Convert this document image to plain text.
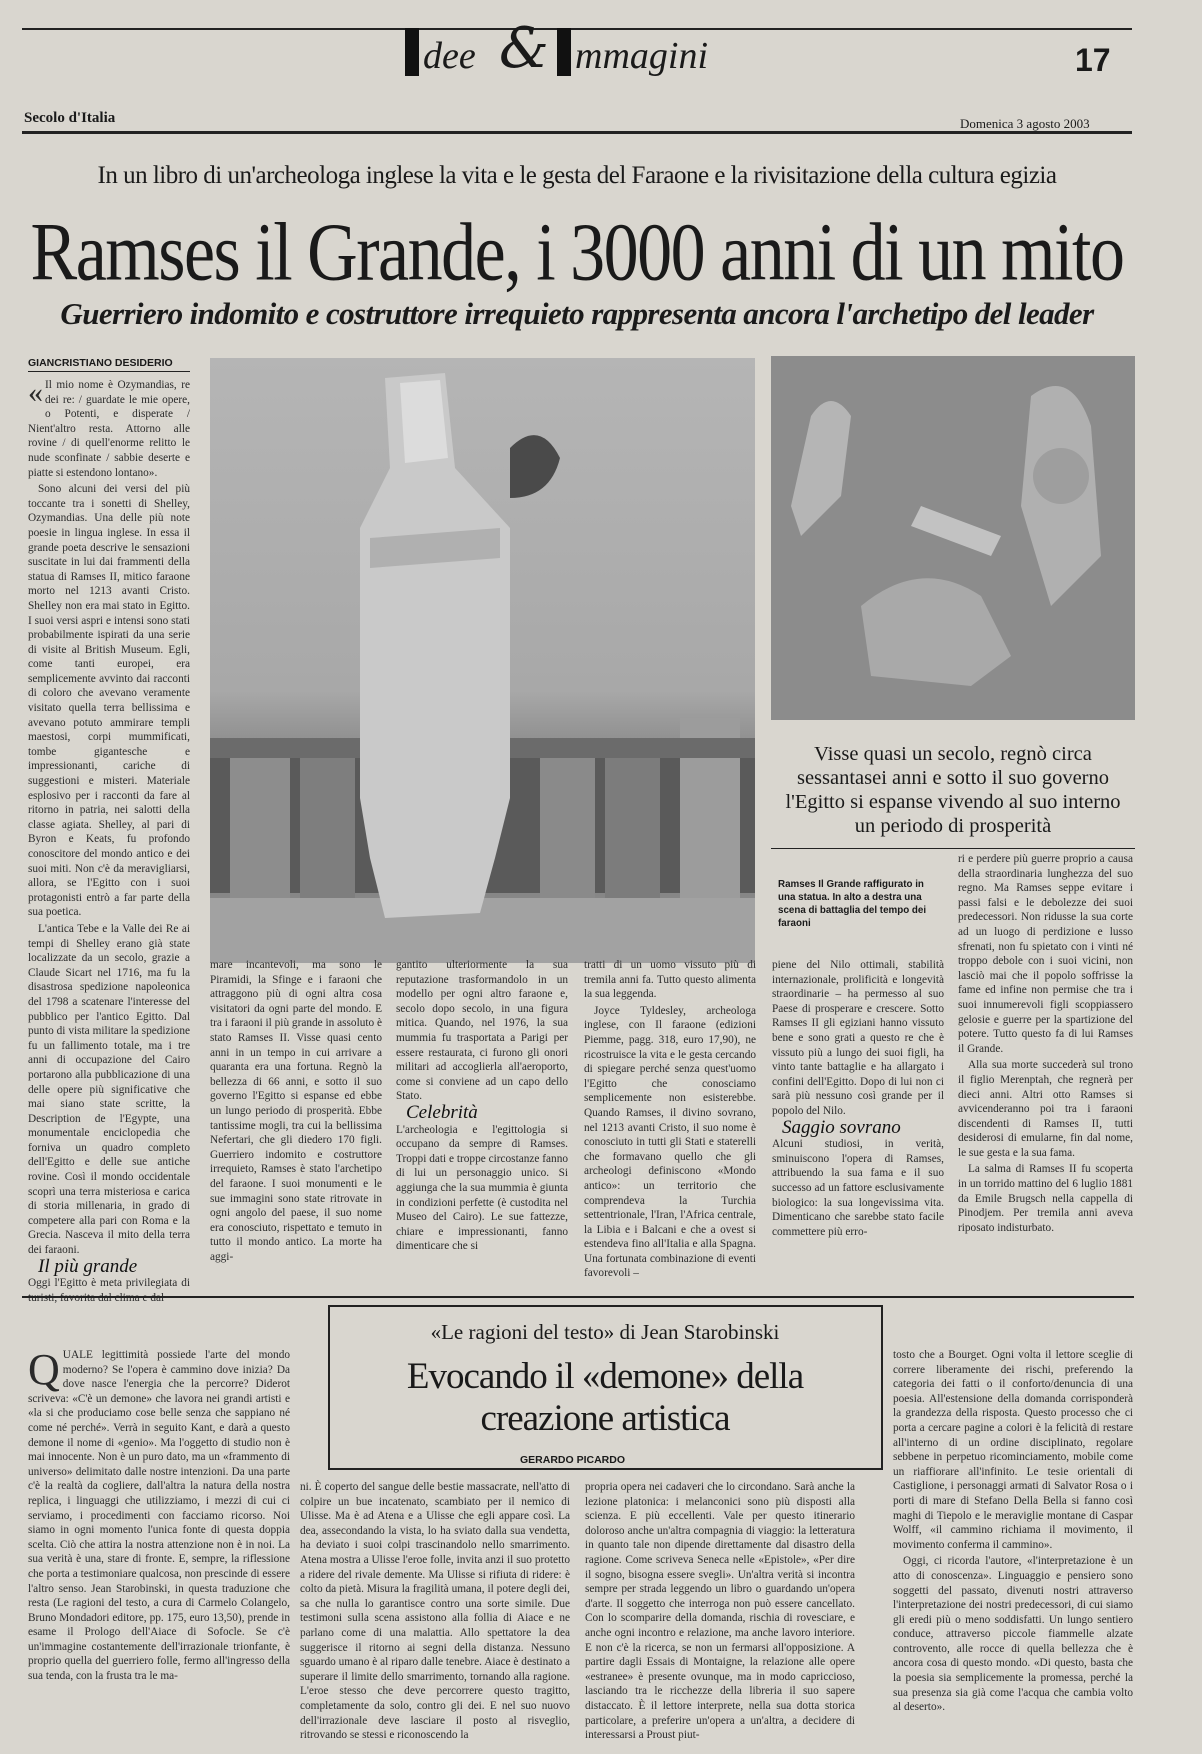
dee & mmagini	17
Secolo d'Italia	Domenica 3 agosto 2003
In un libro di un'archeologa inglese la vita e le gesta del Faraone e la rivisitazione della cultura egizia
Ramses il Grande, i 3000 anni di un mito
Guerriero indomito e costruttore irrequieto rappresenta ancora l'archetipo del leader
GIANCRISTIANO DESIDERIO

« Il mio nome è Ozymandias, re dei re: / guardate le mie opere, o Potenti, e disperate / Nient'altro resta. Attorno alle rovine / di quell'enorme relitto le nude sconfinate / sabbie deserte e piatte si estendono lontano».

Sono alcuni dei versi del più toccante tra i sonetti di Shelley, Ozymandias. Una delle più note poesie in lingua inglese. In essa il grande poeta descrive le sensazioni suscitate in lui dai frammenti della statua di Ramses II, mitico faraone morto nel 1213 avanti Cristo. Shelley non era mai stato in Egitto. I suoi versi aspri e intensi sono stati probabilmente ispirati da una serie di visite al British Museum. Egli, come tanti europei, era semplicemente avvinto dai racconti di coloro che avevano veramente visitato quella terra bellissima e avevano potuto ammirare templi maestosi, corpi mummificati, tombe gigantesche e impressionanti, cariche di suggestioni e misteri. Materiale esplosivo per i racconti da fare al ritorno in patria, nei salotti della classe agiata. Shelley, al pari di Byron e Keats, fu profondo conoscitore del mondo antico e dei suoi miti. Non c'è da meravigliarsi, allora, se l'Egitto con i suoi protagonisti entrò a far parte della sua poetica.

L'antica Tebe e la Valle dei Re ai tempi di Shelley erano già state localizzate da un secolo, grazie a Claude Sicart nel 1716, ma fu la disastrosa spedizione napoleonica del 1798 a scatenare l'interesse del pubblico per l'antico Egitto. Dal punto di vista militare la spedizione fu un fallimento totale, ma i tre anni di occupazione del Cairo portarono alla pubblicazione di una delle opere più significative che mai siano state scritte, la Description de l'Egypte, una monumentale enciclopedia che forniva un quadro completo dell'Egitto e delle sue antiche rovine. Così il mondo occidentale scoprì una terra misteriosa e carica di storia millenaria, in grado di competere alla pari con Roma e la Grecia. Nasceva il mito della terra dei faraoni.

Il più grande

Oggi l'Egitto è meta privilegiata di

Visse quasi un secolo, regnò circa sessantasei anni e sotto il suo governo l'Egitto si espanse vivendo al suo interno un periodo di prosperità
Ramses Il Grande raffigurato in una statua. In alto a destra una scena di battaglia del tempo dei faraoni

mare incantevoli, ma sono le Piramidi, la Sfinge e i faraoni che attraggono più di ogni altra cosa visitatori da ogni parte del mondo. E tra i faraoni il più grande in assoluto è stato Ramses II. Visse quasi cento anni in un tempo in cui arrivare a quaranta era una fortuna. Regnò la bellezza di 66 anni, e sotto il suo governo l'Egitto si espanse ed ebbe un lungo periodo di prosperità. Ebbe tantissime mogli, tra cui la bellissima Nefertari, che gli diedero 170 figli. Guerriero indomito e costruttore irrequieto, Ramses è stato l'archetipo del faraone. I suoi monumenti e le sue immagini sono state ritrovate in ogni angolo del paese, il suo nome era conosciuto, rispettato e temuto in tutto il mondo antico. La morte ha aggi-

gantito ulteriormente la sua reputazione trasformandolo in un modello per ogni altro faraone e, secolo dopo secolo, in una figura mitica. Quando, nel 1976, la sua mummia fu trasportata a Parigi per essere restaurata, ci furono gli onori militari ad accoglierla all'aeroporto, come si conviene ad un capo dello Stato.

Celebrità

L'archeologia e l'egittologia si occupano da sempre di Ramses. Troppi dati e troppe circostanze fanno di lui un personaggio unico. Si aggiunga che la sua mummia è giunta in condizioni perfette (è custodita nel Museo del Cairo). Le sue fattezze, chiare e impressionanti, fanno dimenticare che si

tratti di un uomo vissuto più di tremila anni fa. Tutto questo alimenta la sua leggenda.

Joyce Tyldesley, archeologa inglese, con Il faraone (edizioni Piemme, pagg. 318, euro 17,90), ne ricostruisce la vita e le gesta cercando di spiegare perché senza quest'uomo l'Egitto che conosciamo semplicemente non esisterebbe. Quando Ramses, il divino sovrano, nel 1213 avanti Cristo, il suo nome è conosciuto in tutti gli Stati e staterelli che formavano quello che gli archeologi definiscono «Mondo antico»: un territorio che comprendeva la Turchia settentrionale, l'Iran, l'Africa centrale, la Libia e i Balcani e che a ovest si estendeva fino all'Italia e alla Spagna. Una fortunata combinazione di eventi favorevoli –

piene del Nilo ottimali, stabilità internazionale, prolificità e longevità straordinarie – ha permesso al suo Paese di prosperare e crescere. Sotto Ramses II gli egiziani hanno vissuto bene e sono grati a questo re che è vissuto più a lungo dei suoi figli, ha vinto tante battaglie e ha allargato i confini dell'Egitto. Dopo di lui non ci sarà più nessuno così grande per il popolo del Nilo.

Saggio sovrano

Alcuni studiosi, in verità, sminuiscono l'opera di Ramses, attribuendo la sua fama e il suo successo ad un fattore esclusivamente biologico: la sua longevissima vita. Dimenticano che sarebbe stato facile commettere più erro-

ri e perdere più guerre proprio a causa della straordinaria lunghezza del suo regno. Ma Ramses seppe evitare i passi falsi e le debolezze dei suoi predecessori. Non ridusse la sua corte ad un luogo di perdizione e lusso sfrenati, non fu spietato con i vinti né troppo debole con i suoi vicini, non lasciò mai che il popolo soffrisse la fame ed infine non permise che tra i suoi innumerevoli figli scoppiassero gelosie e guerre per la spartizione del potere. Tutto questo fa di lui Ramses il Grande.

Alla sua morte succederà sul trono il figlio Merenptah, che regnerà per dieci anni. Altri otto Ramses si avvicenderanno poi tra i faraoni discendenti di Ramses II, tutti desiderosi di emularne, fin dal nome, le sue gesta e la sua fama.

La salma di Ramses II fu scoperta in un torrido mattino del 6 luglio 1881 da Emile Brugsch nella cappella di Pinodjem. Per tremila anni aveva riposato indisturbato.

«Le ragioni del testo» di Jean Starobinski
Evocando il «demone» della creazione artistica
GERARDO PICARDO

QUALE legittimità possiede l'arte del mondo moderno? Se l'opera è cammino dove inizia? Da dove nasce l'energia che la percorre? Diderot scriveva: «C'è un demone» che lavora nei grandi artisti e «la si che produciamo cose belle senza che sappiano né come né perché». Verrà in seguito Kant, e darà a questo demone il nome di «genio». Ma l'oggetto di studio non è mai innocente. Non è un puro dato, ma un «frammento di universo» delimitato dalle nostre intenzioni. Da una parte c'è la realtà da cogliere, dall'altra la natura della nostra replica, i linguaggi che utilizziamo, i mezzi di cui ci serviamo, i procedimenti con facciamo ricorso. Noi siamo in ogni momento l'unica fonte di questa doppia scelta. Ciò che attira la nostra attenzione non è in noi. La sua verità è una, stare di fronte. E, sempre, la riflessione che porta a testimoniare qualcosa, non prescinde di essere l'altro senso. Jean Starobinski, in questa traduzione che resta (Le ragioni del testo, a cura di Carmelo Colangelo, Bruno Mondadori editore, pp. 175, euro 13,50), prende in esame il Prologo dell'Aiace di Sofocle. Se c'è un'immagine costantemente dell'irrazionale trionfante, è proprio quella del guerriero folle, fermo all'ingresso della sua tenda, con la frusta tra le ma-

ni. È coperto del sangue delle bestie massacrate, nell'atto di colpire un bue incatenato, scambiato per il nemico di Ulisse. Ma è ad Atena e a Ulisse che egli appare così. La dea, assecondando la vista, lo ha sviato dalla sua vendetta, ha deviato i suoi colpi trascinandolo nello smarrimento. Atena mostra a Ulisse l'eroe folle, invita anzi il suo protetto a ridere del rivale demente. Ma Ulisse si rifiuta di ridere: è colto da pietà. Misura la fragilità umana, il potere degli dei, sa che nulla lo garantisce contro una sorte simile. Due testimoni sulla scena assistono alla follia di Aiace e ne parlano come di una malattia. Allo spettatore la dea suggerisce il ritorno ai segni della distanza. Nessuno sguardo umano è al riparo dalle tenebre. Aiace è destinato a superare il limite dello smarrimento, tornando alla ragione. L'eroe stesso che deve percorrere questo tragitto, completamente da solo, contro gli dei. E nel suo nuovo dell'irrazionale deve lasciare il posto al risveglio, ritrovando se stessi e riconoscendo la

propria opera nei cadaveri che lo circondano. Sarà anche la lezione platonica: i melanconici sono più disposti alla scienza. E più eccellenti. Vale per questo itinerario doloroso anche un'altra compagnia di viaggio: la letteratura in quanto tale non dipende direttamente dal disastro della ragione. Come scriveva Seneca nelle «Epistole», «Per dire il sogno, bisogna essere svegli». Un'altra verità si incontra sempre per strada leggendo un libro o guardando un'opera d'arte. Il soggetto che interroga non può essere cancellato. Con lo scomparire della domanda, rischia di rovesciare, e anche ogni incontro e relazione, ma anche lavoro interiore. E non c'è la ricerca, se non un fermarsi all'opposizione. A partire dagli Essais di Montaigne, la relazione alle opere «estranee» è presente ovunque, ma in modo capriccioso, lasciando tra le ricchezze della libreria il suo sapere distaccato. È il lettore interprete, nella sua dotta storica particolare, a preferire un'opera a un'altra, a decidere di interessarsi a Proust piut-

tosto che a Bourget. Ogni volta il lettore sceglie di correre liberamente dei rischi, preferendo la categoria dei fatti o il conforto/denuncia di una poesia. All'estensione della domanda corrisponderà la grandezza della risposta. Questo processo che ci porta a cercare pagine a colori è la felicità di restare all'interno di un ordine disciplinato, regolare sebbene in perpetuo ricominciamento, mobile come un riaffiorare all'infinito. Le tesie orientali di Castiglione, i personaggi armati di Salvator Rosa o i porti di mare di Stefano Della Bella si fanno così maghi di Tiepolo e le meraviglie montane di Caspar Wolff, «il cammino richiama il movimento, il movimento conferma il cammino».

Oggi, ci ricorda l'autore, «l'interpretazione è un atto di conoscenza». Linguaggio e pensiero sono soggetti del passato, divenuti nostri attraverso l'interpretazione dei nostri predecessori, di cui siamo gli eredi più o meno soddisfatti. Un lungo sentiero conduce, attraverso piccole fiammelle alzate controvento, alle rocce di quella bellezza che è ancora cosa di questo mondo. «Di questo, basta che la poesia sia semplicemente la promessa, perché la sua presenza sia già come l'acqua che cambia volto al deserto».
